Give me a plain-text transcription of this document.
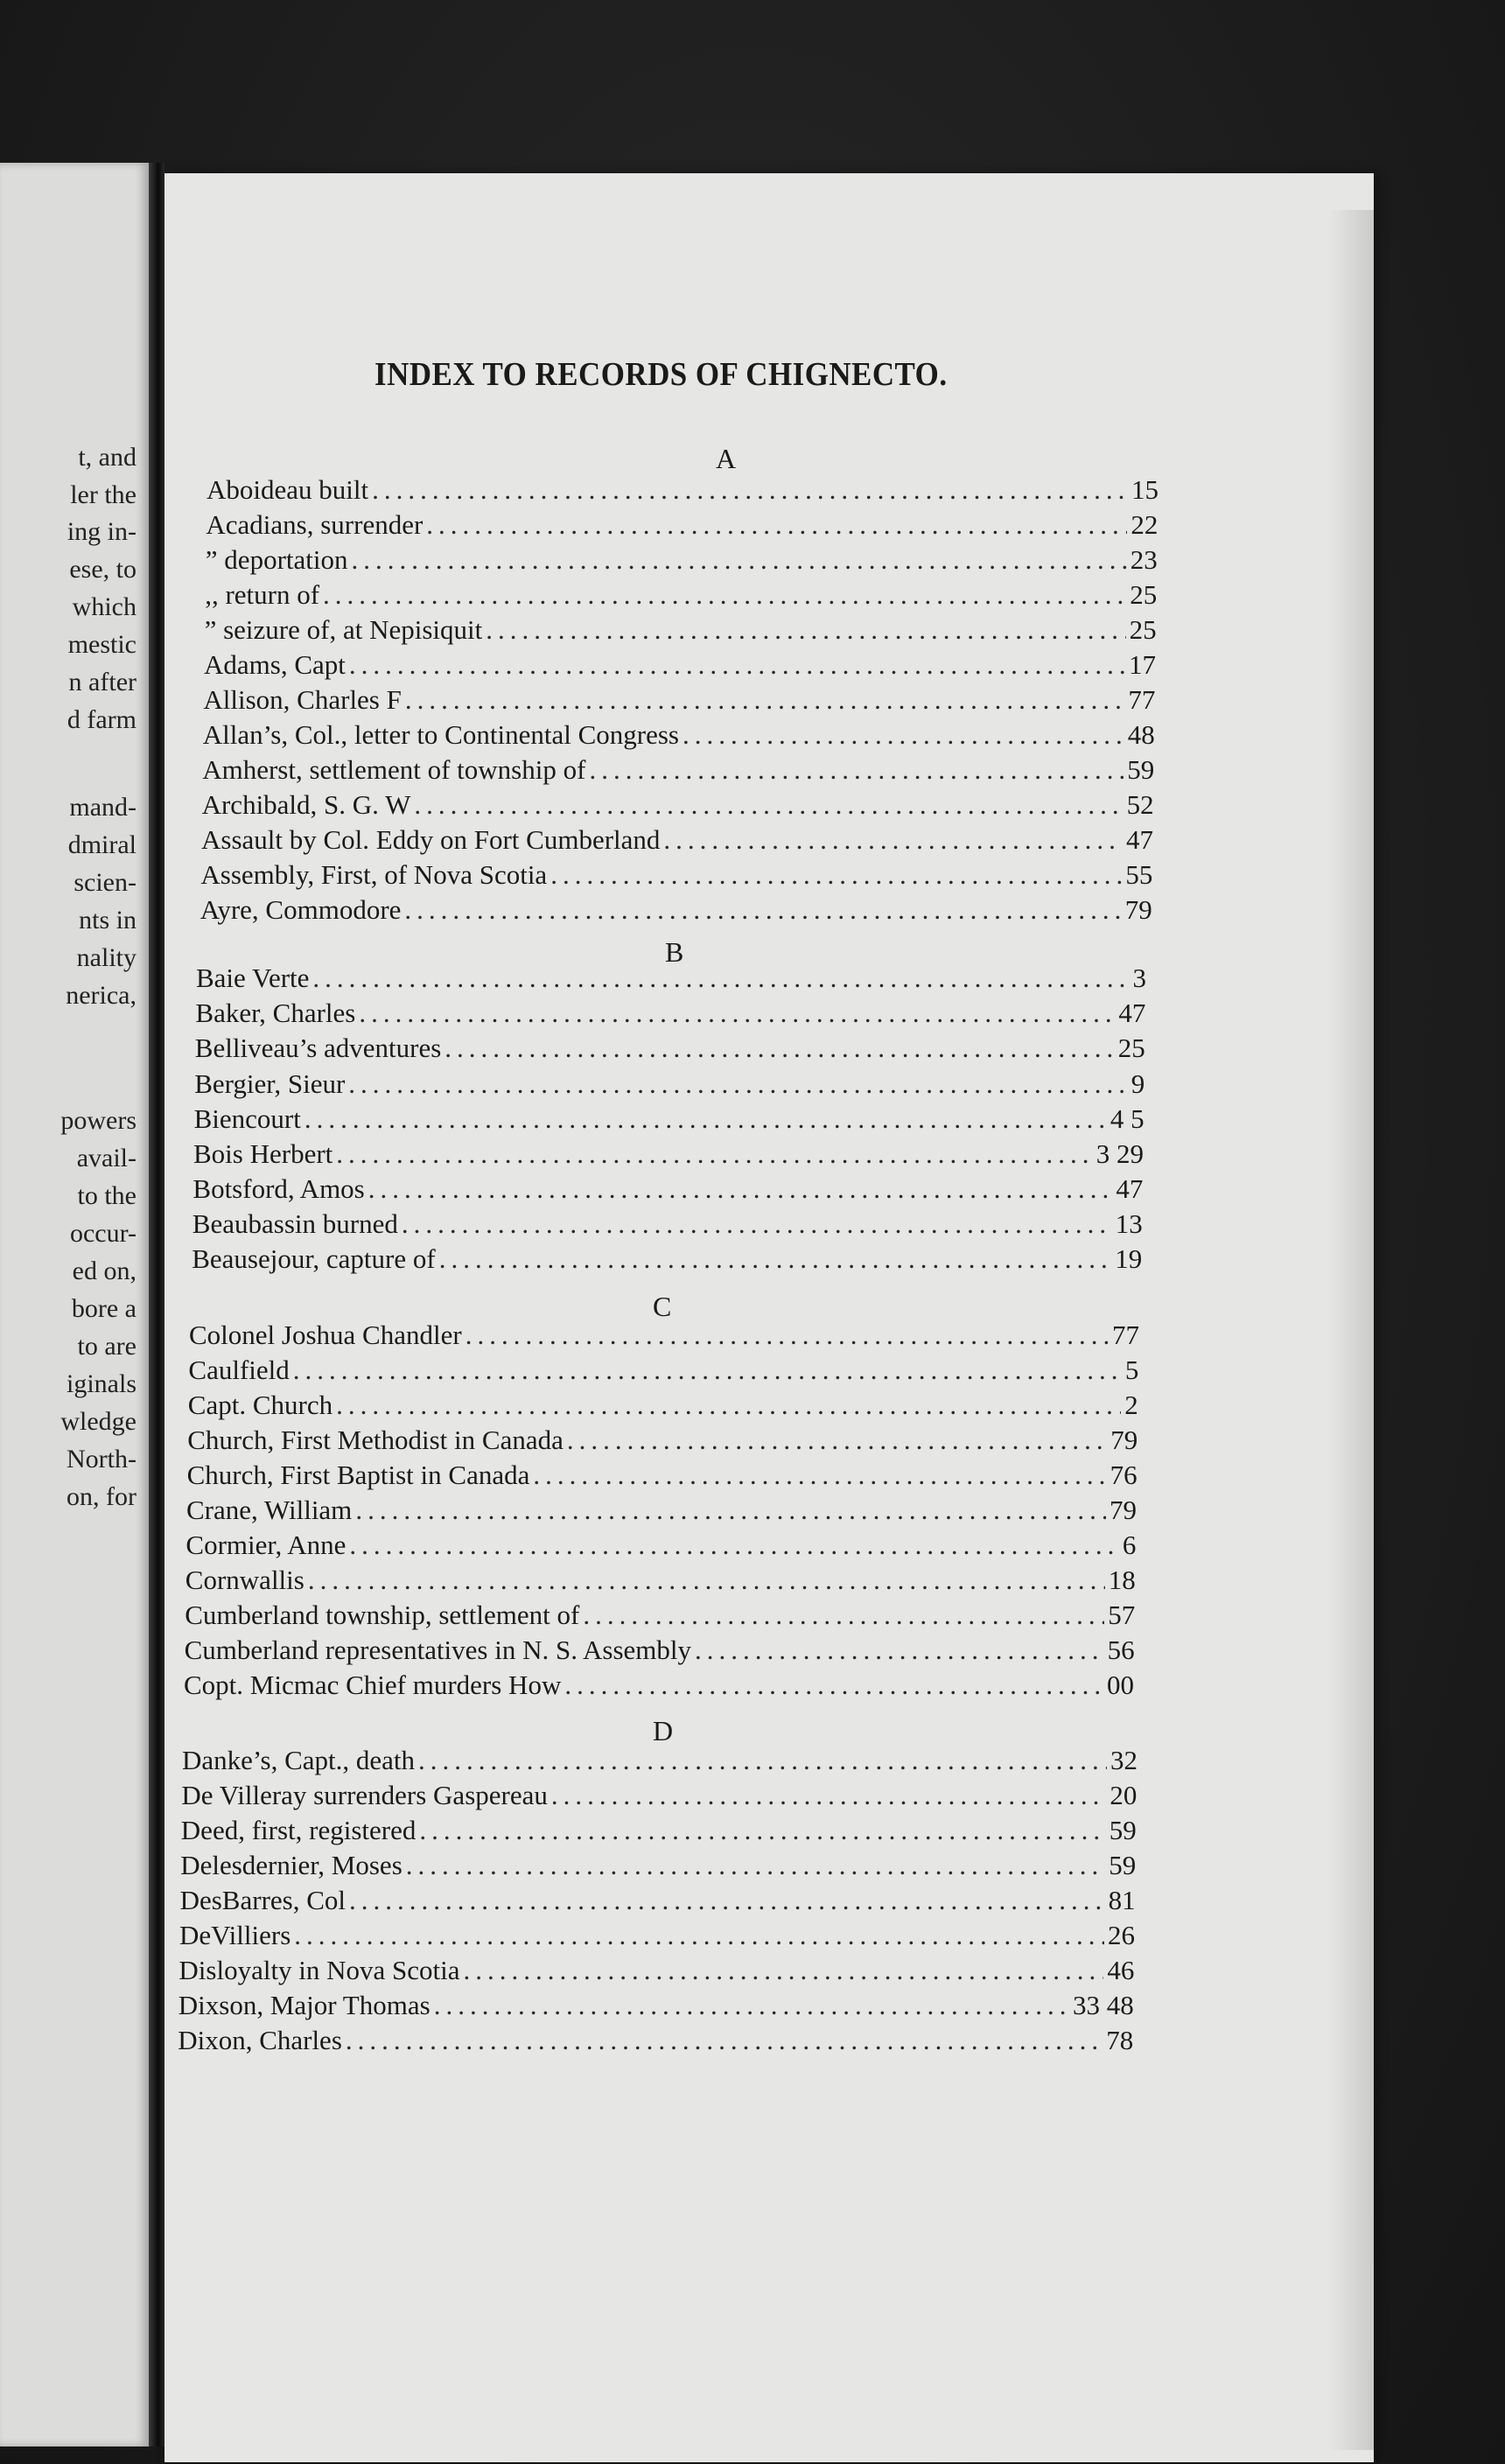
t, and
ler the
ing in-
ese, to
which
mestic
n after
d farm
mand-
dmiral
scien-
nts in
nality
nerica,
powers
avail-
to the
occur-
ed on,
bore a
to are
iginals
wledge
North-
on, for
INDEX TO RECORDS OF CHIGNECTO.
A
Aboideau built .....	15
Acadians, surrender .....	22
” deportation .....	23
,, return of .....	25
” seizure of, at Nepisiquit .....	25
Adams, Capt .....	17
Allison, Charles F .....	77
Allan’s, Col., letter to Continental Congress .....	48
Amherst, settlement of township of .....	59
Archibald, S. G. W .....	52
Assault by Col. Eddy on Fort Cumberland .....	47
Assembly, First, of Nova Scotia .....	55
Ayre, Commodore .....	79
B
Baie Verte .....	3
Baker, Charles .....	47
Belliveau’s adventures .....	25
Bergier, Sieur .....	9
Biencourt .....	4 5
Bois Herbert .....	3 29
Botsford, Amos .....	47
Beaubassin burned .....	13
Beausejour, capture of .....	19
C
Colonel Joshua Chandler .....	77
Caulfield .....	5
Capt. Church .....	2
Church, First Methodist in Canada .....	79
Church, First Baptist in Canada .....	76
Crane, William .....	79
Cormier, Anne .....	6
Cornwallis .....	18
Cumberland township, settlement of .....	57
Cumberland representatives in N. S. Assembly .....	56
Copt. Micmac Chief murders How .....	00
D
Danke’s, Capt., death .....	32
De Villeray surrenders Gaspereau .....	20
Deed, first, registered .....	59
Delesdernier, Moses .....	59
DesBarres, Col .....	81
DeVilliers .....	26
Disloyalty in Nova Scotia .....	46
Dixson, Major Thomas .....	33 48
Dixon, Charles .....	78
